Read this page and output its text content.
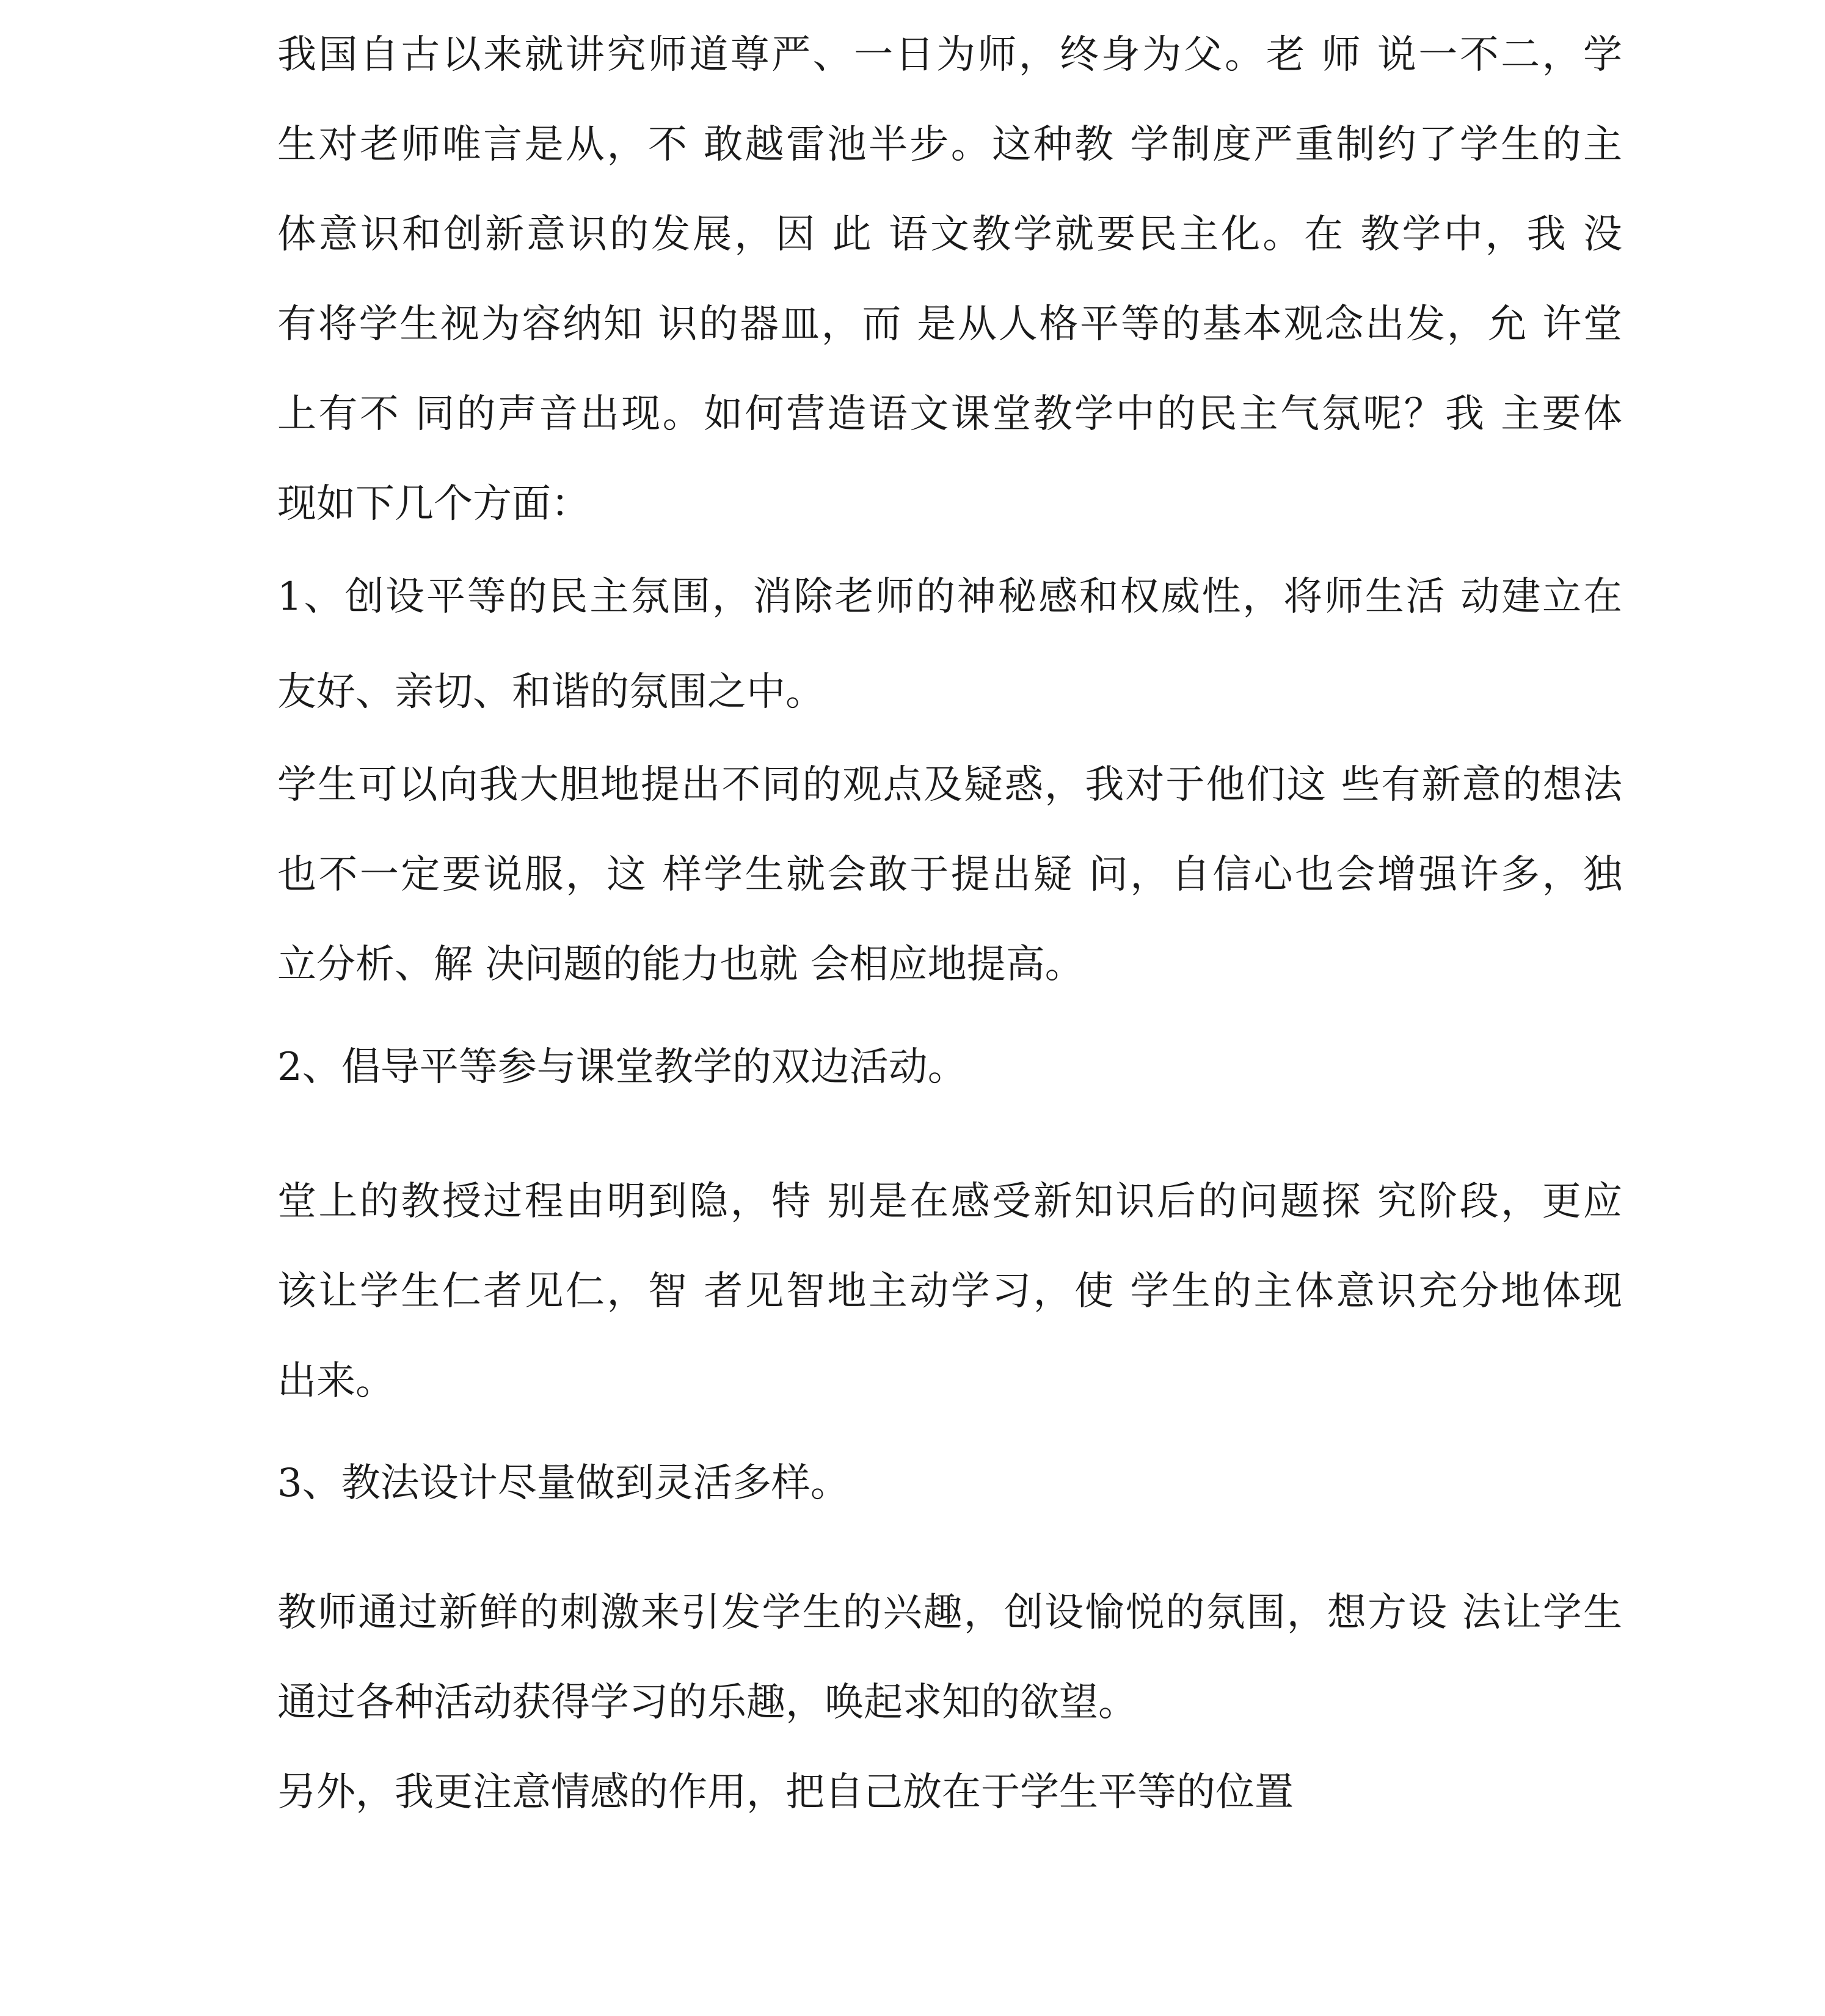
我国自古以来就讲究师道尊严、一日为师，终身为父。老 师 说一不二，学

生对老师唯言是从，不 敢越雷池半步。这种教 学制度严重制约了学生的主

体意识和创新意识的发展，因 此 语文教学就要民主化。在 教学中，我 没

有将学生视为容纳知 识的器皿，而 是从人格平等的基本观念出发，允 许堂

上有不 同的声音出现。如何营造语文课堂教学中的民主气氛呢？我 主要体

现如下几个方面：

1、创设平等的民主氛围，消除老师的神秘感和权威性，将师生活 动建立在

友好、亲切、和谐的氛围之中。

学生可以向我大胆地提出不同的观点及疑惑，我对于他们这 些有新意的想法

也不一定要说服，这 样学生就会敢于提出疑 问，自信心也会增强许多，独

立分析、解 决问题的能力也就 会相应地提高。

2、倡导平等参与课堂教学的双边活动。

堂上的教授过程由明到隐，特 别是在感受新知识后的问题探 究阶段，更应

该让学生仁者见仁，智 者见智地主动学习，使 学生的主体意识充分地体现

出来。

3、教法设计尽量做到灵活多样。

教师通过新鲜的刺激来引发学生的兴趣，创设愉悦的氛围，想方设 法让学生

通过各种活动获得学习的乐趣，唤起求知的欲望。

另外，我更注意情感的作用，把自己放在于学生平等的位置
